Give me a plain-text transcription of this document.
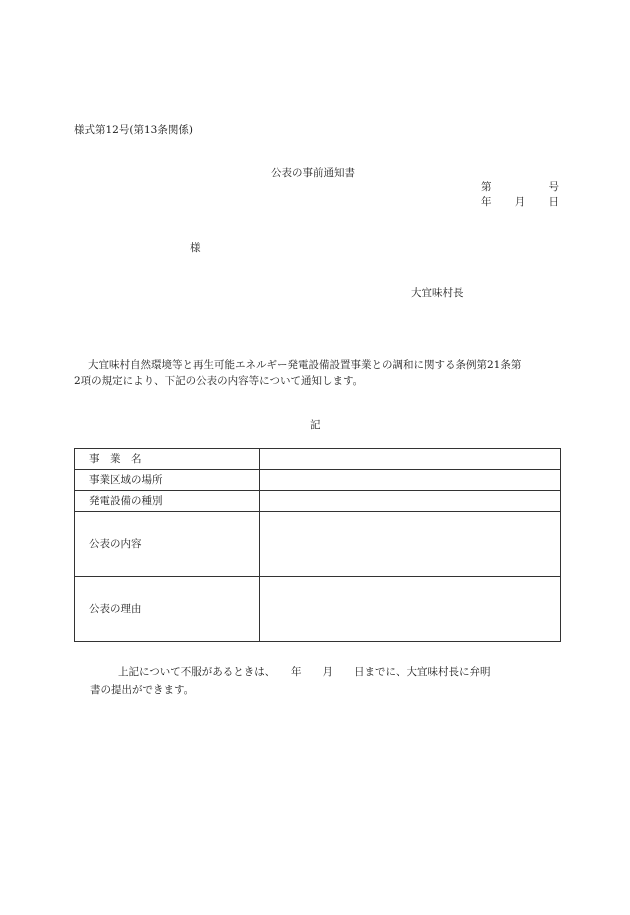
様式第12号(第13条関係)
公表の事前通知書
第	号
年 月 日
様
大宜味村長

大宜味村自然環境等と再生可能エネルギー発電設備設置事業との調和に関する条例第21条第

2項の規定により、下記の公表の内容等について通知します。

記
事　業　名	
事業区域の場所	
発電設備の種別	
公表の内容	
公表の理由	

上記について不服があるときは、　　年　　月　　日までに、大宜味村長に弁明

書の提出ができます。
